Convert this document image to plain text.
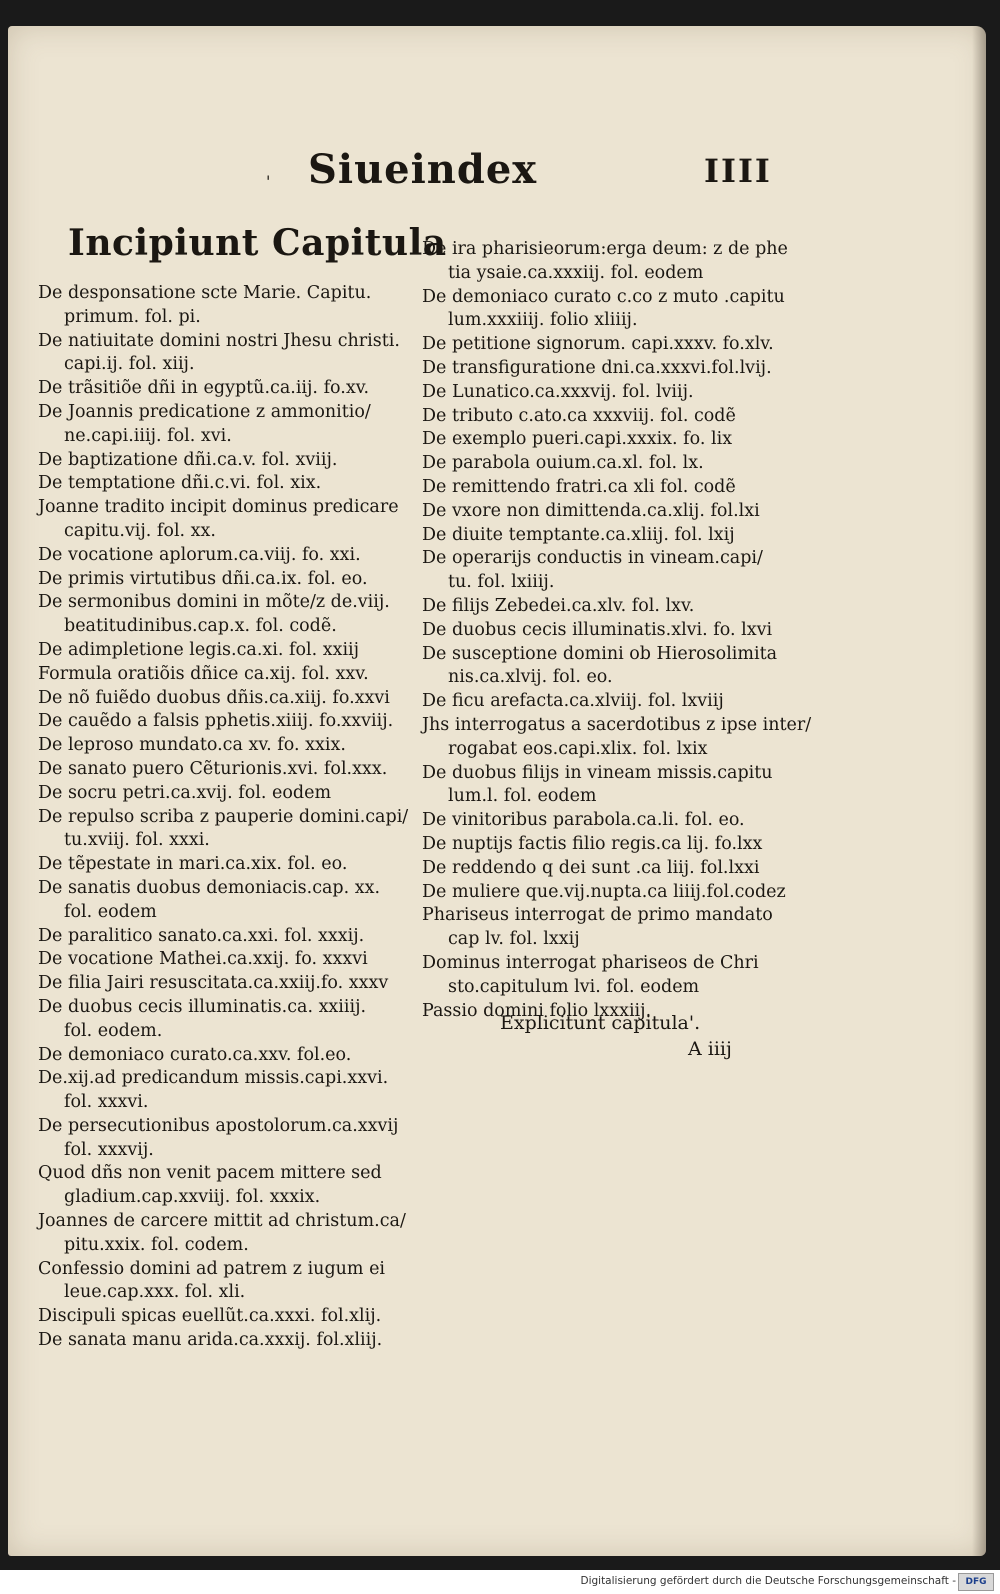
' Siueindex	IIII
Incipiunt Capitula
De desponsatione scte Marie. Capitu.
primum. fol. pi.
De natiuitate domini nostri Jhesu christi.
capi.ij. fol. xiij.
De trãsitiõe dñi in egyptũ.ca.iij. fo.xv.
De Joannis predicatione z ammonitio/
ne.capi.iiij. fol. xvi.
De baptizatione dñi.ca.v. fol. xviij.
De temptatione dñi.c.vi. fol. xix.
Joanne tradito incipit dominus predicare
capitu.vij. fol. xx.
De vocatione aplorum.ca.viij. fo. xxi.
De primis virtutibus dñi.ca.ix. fol. eo.
De sermonibus domini in mõte/z de.viij.
beatitudinibus.cap.x. fol. codẽ.
De adimpletione legis.ca.xi. fol. xxiij
Formula oratiõis dñice ca.xij. fol. xxv.
De nõ fuiẽdo duobus dñis.ca.xiij. fo.xxvi
De cauẽdo a falsis pphetis.xiiij. fo.xxviij.
De leproso mundato.ca xv. fo. xxix.
De sanato puero Cẽturionis.xvi. fol.xxx.
De socru petri.ca.xvij. fol. eodem
De repulso scriba z pauperie domini.capi/
tu.xviij. fol. xxxi.
De tẽpestate in mari.ca.xix. fol. eo.
De sanatis duobus demoniacis.cap. xx.
fol. eodem
De paralitico sanato.ca.xxi. fol. xxxij.
De vocatione Mathei.ca.xxij. fo. xxxvi
De filia Jairi resuscitata.ca.xxiij.fo. xxxv
De duobus cecis illuminatis.ca. xxiiij.
fol. eodem.
De demoniaco curato.ca.xxv. fol.eo.
De.xij.ad predicandum missis.capi.xxvi.
fol. xxxvi.
De persecutionibus apostolorum.ca.xxvij
fol. xxxvij.
Quod dñs non venit pacem mittere sed
gladium.cap.xxviij. fol. xxxix.
Joannes de carcere mittit ad christum.ca/
pitu.xxix. fol. codem.
Confessio domini ad patrem z iugum ei
leue.cap.xxx. fol. xli.
Discipuli spicas euellũt.ca.xxxi. fol.xlij.
De sanata manu arida.ca.xxxij. fol.xliij.
De ira pharisieorum:erga deum: z de phe
tia ysaie.ca.xxxiij. fol. eodem
De demoniaco curato c.co z muto .capitu
lum.xxxiiij. folio xliiij.
De petitione signorum. capi.xxxv. fo.xlv.
De transfiguratione dni.ca.xxxvi.fol.lvij.
De Lunatico.ca.xxxvij. fol. lviij.
De tributo c.ato.ca xxxviij. fol. codẽ
De exemplo pueri.capi.xxxix. fo. lix
De parabola ouium.ca.xl. fol. lx.
De remittendo fratri.ca xli fol. codẽ
De vxore non dimittenda.ca.xlij. fol.lxi
De diuite temptante.ca.xliij. fol. lxij
De operarijs conductis in vineam.capi/
tu. fol. lxiiij.
De filijs Zebedei.ca.xlv. fol. lxv.
De duobus cecis illuminatis.xlvi. fo. lxvi
De susceptione domini ob Hierosolimita
nis.ca.xlvij. fol. eo.
De ficu arefacta.ca.xlviij. fol. lxviij
Jhs interrogatus a sacerdotibus z ipse inter/
rogabat eos.capi.xlix. fol. lxix
De duobus filijs in vineam missis.capitu
lum.l. fol. eodem
De vinitoribus parabola.ca.li. fol. eo.
De nuptijs factis filio regis.ca lij. fo.lxx
De reddendo q dei sunt .ca liij. fol.lxxi
De muliere que.vij.nupta.ca liiij.fol.codez
Phariseus interrogat de primo mandato
cap lv. fol. lxxij
Dominus interrogat phariseos de Chri
sto.capitulum lvi. fol. eodem
Passio domini folio lxxxiij.
Explicitunt capitula'.
A iiij
Digitalisierung gefördert durch die Deutsche Forschungsgemeinschaft -	DFG
